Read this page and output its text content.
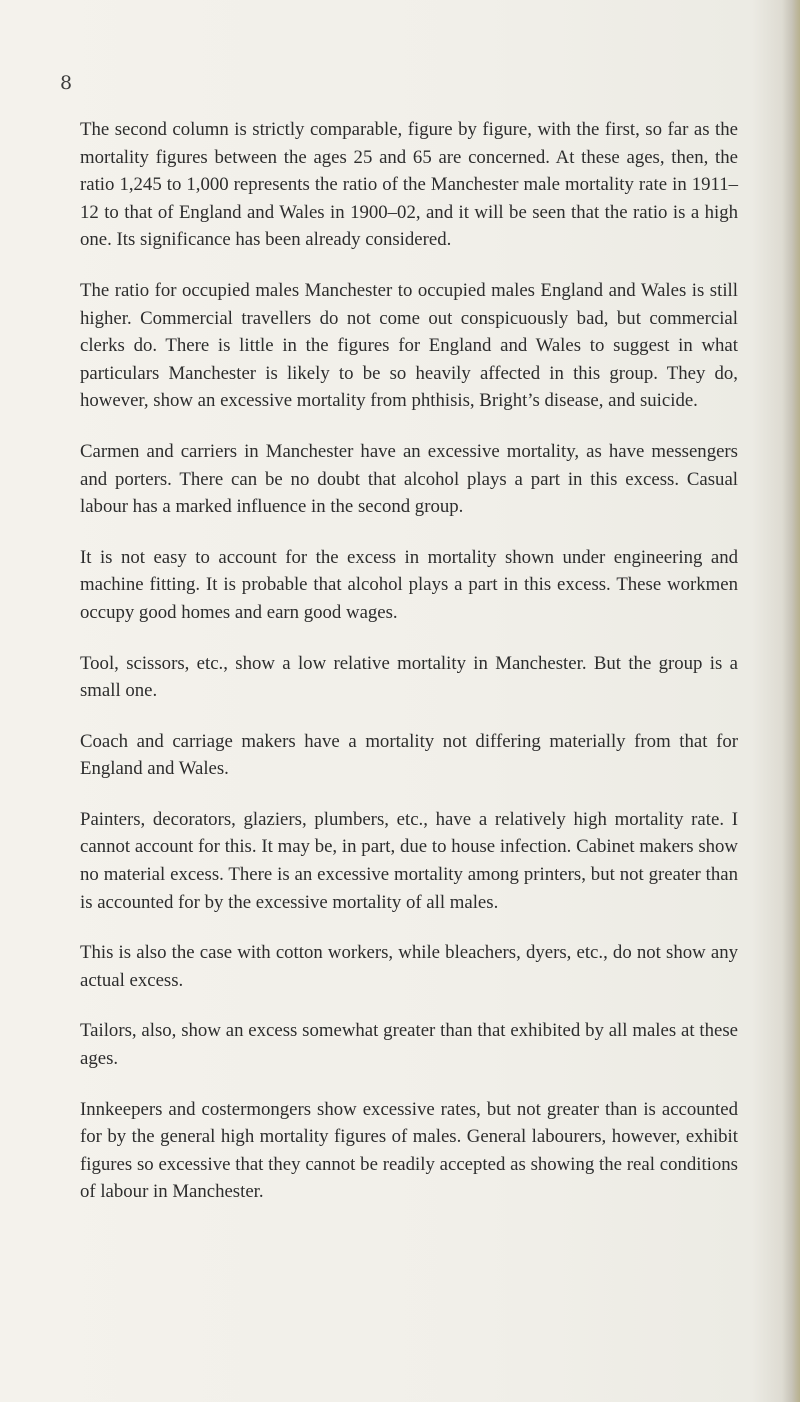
8

The second column is strictly comparable, figure by figure, with the first, so far as the mortality figures between the ages 25 and 65 are concerned. At these ages, then, the ratio 1,245 to 1,000 represents the ratio of the Manchester male mortality rate in 1911–12 to that of England and Wales in 1900–02, and it will be seen that the ratio is a high one. Its significance has been already considered.

The ratio for occupied males Manchester to occupied males England and Wales is still higher. Commercial travellers do not come out conspicuously bad, but commercial clerks do. There is little in the figures for England and Wales to suggest in what particulars Manchester is likely to be so heavily affected in this group. They do, however, show an excessive mortality from phthisis, Bright’s disease, and suicide.

Carmen and carriers in Manchester have an excessive mortality, as have messengers and porters. There can be no doubt that alcohol plays a part in this excess. Casual labour has a marked influence in the second group.

It is not easy to account for the excess in mortality shown under engineering and machine fitting. It is probable that alcohol plays a part in this excess. These workmen occupy good homes and earn good wages.

Tool, scissors, etc., show a low relative mortality in Manchester. But the group is a small one.

Coach and carriage makers have a mortality not differing materially from that for England and Wales.

Painters, decorators, glaziers, plumbers, etc., have a relatively high mortality rate. I cannot account for this. It may be, in part, due to house infection. Cabinet makers show no material excess. There is an excessive mortality among printers, but not greater than is accounted for by the excessive mortality of all males.

This is also the case with cotton workers, while bleachers, dyers, etc., do not show any actual excess.

Tailors, also, show an excess somewhat greater than that exhibited by all males at these ages.

Innkeepers and costermongers show excessive rates, but not greater than is accounted for by the general high mortality figures of males. General labourers, however, exhibit figures so excessive that they cannot be readily accepted as showing the real conditions of labour in Manchester.
